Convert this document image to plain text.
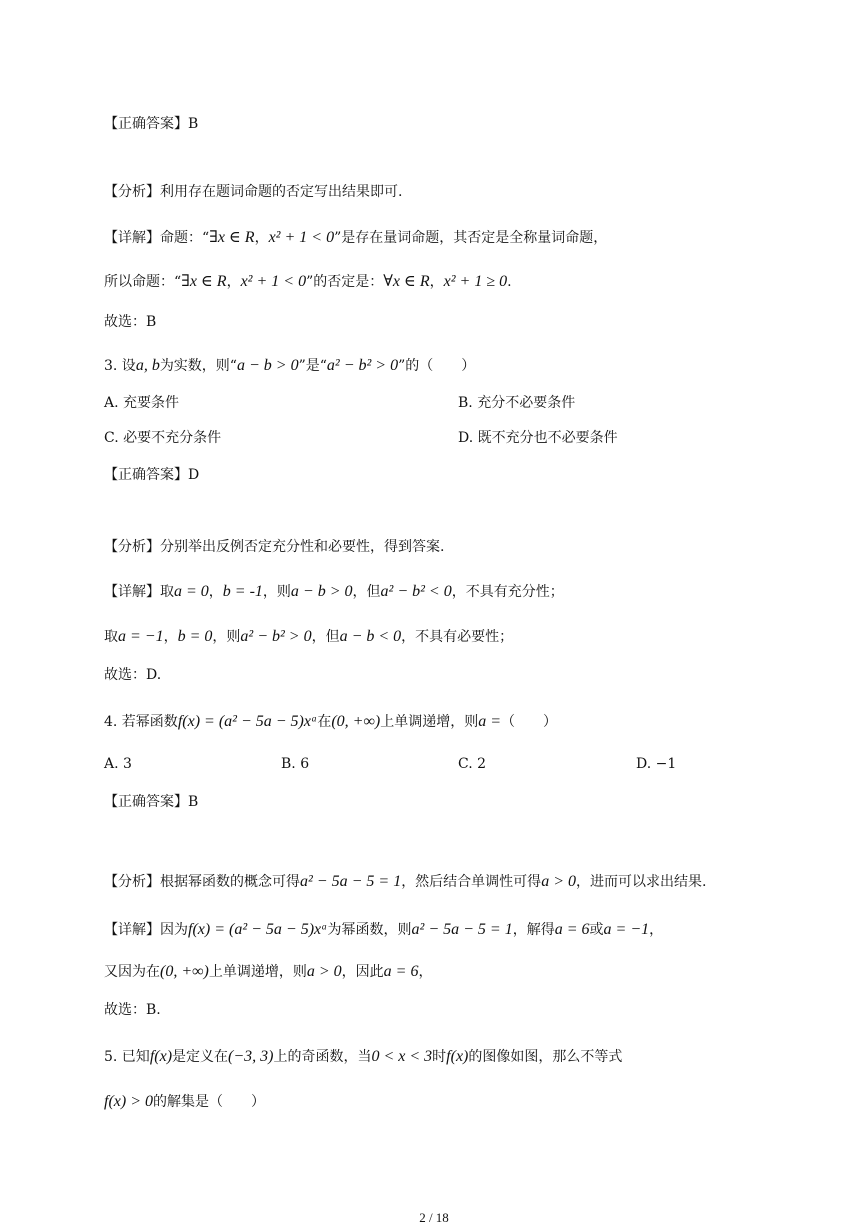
【正确答案】B
【分析】利用存在题词命题的否定写出结果即可.
【详解】命题：“∃x ∈ R，x² + 1 < 0”是存在量词命题，其否定是全称量词命题，
所以命题：“∃x ∈ R，x² + 1 < 0”的否定是：∀x ∈ R，x² + 1 ≥ 0.
故选：B
3. 设a, b为实数，则“a − b > 0”是“a² − b² > 0”的（　　）
A. 充要条件	B. 充分不必要条件
C. 必要不充分条件	D. 既不充分也不必要条件
【正确答案】D
【分析】分别举出反例否定充分性和必要性，得到答案.
【详解】取a = 0，b = -1，则a − b > 0，但a² − b² < 0，不具有充分性；
取a = −1，b = 0，则a² − b² > 0，但a − b < 0，不具有必要性；
故选：D.
4. 若幂函数f(x) = (a² − 5a − 5)xᵃ在(0, +∞)上单调递增，则a =（　　）
A. 3	B. 6	C. 2	D. −1
【正确答案】B
【分析】根据幂函数的概念可得a² − 5a − 5 = 1，然后结合单调性可得a > 0，进而可以求出结果.
【详解】因为f(x) = (a² − 5a − 5)xᵃ为幂函数，则a² − 5a − 5 = 1，解得a = 6或a = −1，
又因为在(0, +∞)上单调递增，则a > 0，因此a = 6，
故选：B.
5. 已知f(x)是定义在(−3, 3)上的奇函数，当0 < x < 3时f(x)的图像如图，那么不等式
f(x) > 0的解集是（　　）
2 / 18
